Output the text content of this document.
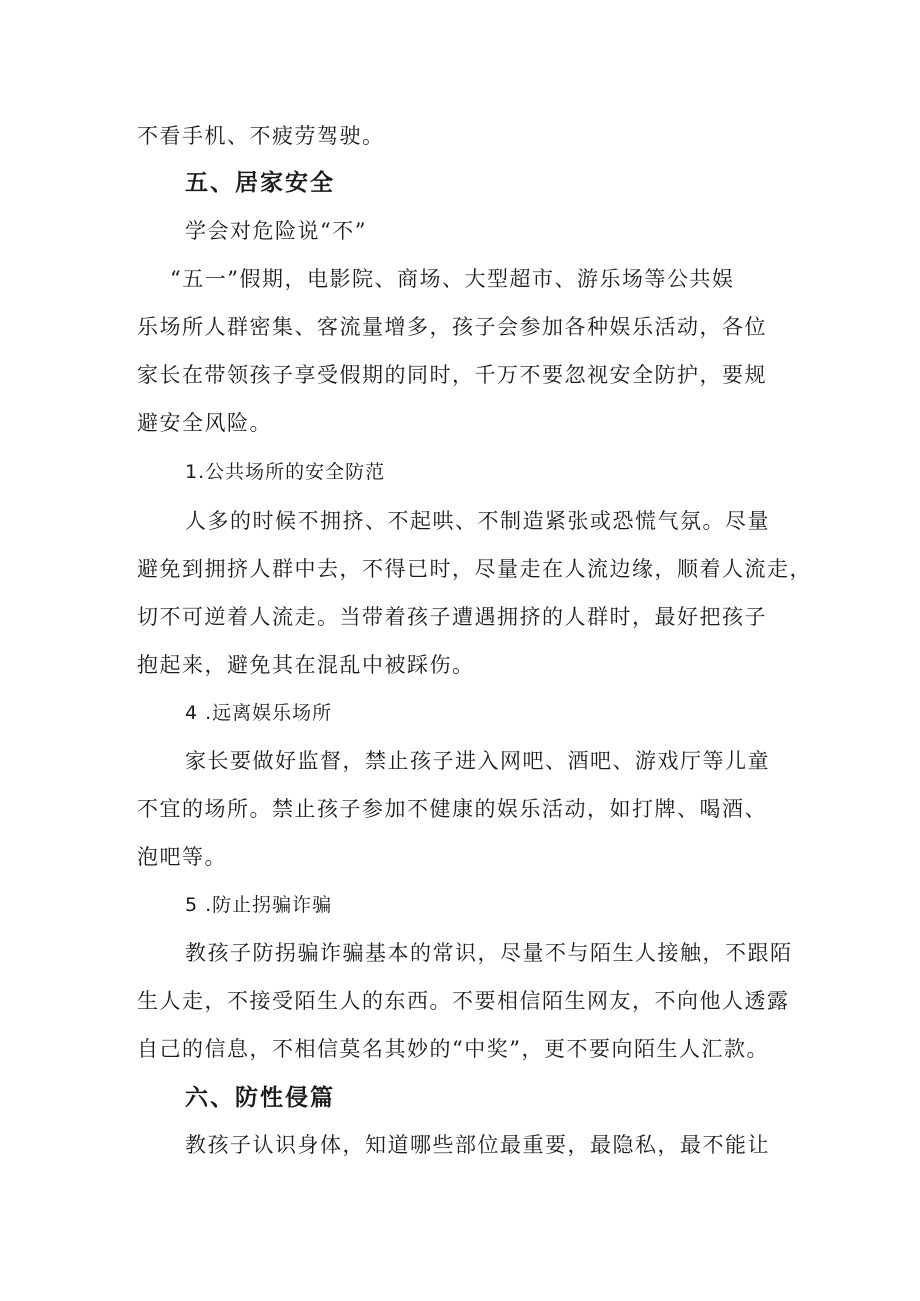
不看手机、不疲劳驾驶。
五、居家安全
学会对危险说“不”
“五一”假期，电影院、商场、大型超市、游乐场等公共娱
乐场所人群密集、客流量增多，孩子会参加各种娱乐活动，各位
家长在带领孩子享受假期的同时，千万不要忽视安全防护，要规
避安全风险。
1.公共场所的安全防范
人多的时候不拥挤、不起哄、不制造紧张或恐慌气氛。尽量
避免到拥挤人群中去，不得已时，尽量走在人流边缘，顺着人流走，
切不可逆着人流走。当带着孩子遭遇拥挤的人群时，最好把孩子
抱起来，避免其在混乱中被踩伤。
4 .远离娱乐场所
家长要做好监督，禁止孩子进入网吧、酒吧、游戏厅等儿童
不宜的场所。禁止孩子参加不健康的娱乐活动，如打牌、喝酒、
泡吧等。
5 .防止拐骗诈骗
教孩子防拐骗诈骗基本的常识，尽量不与陌生人接触，不跟陌
生人走，不接受陌生人的东西。不要相信陌生网友，不向他人透露
自己的信息，不相信莫名其妙的“中奖”，更不要向陌生人汇款。
六、防性侵篇
教孩子认识身体，知道哪些部位最重要，最隐私，最不能让
